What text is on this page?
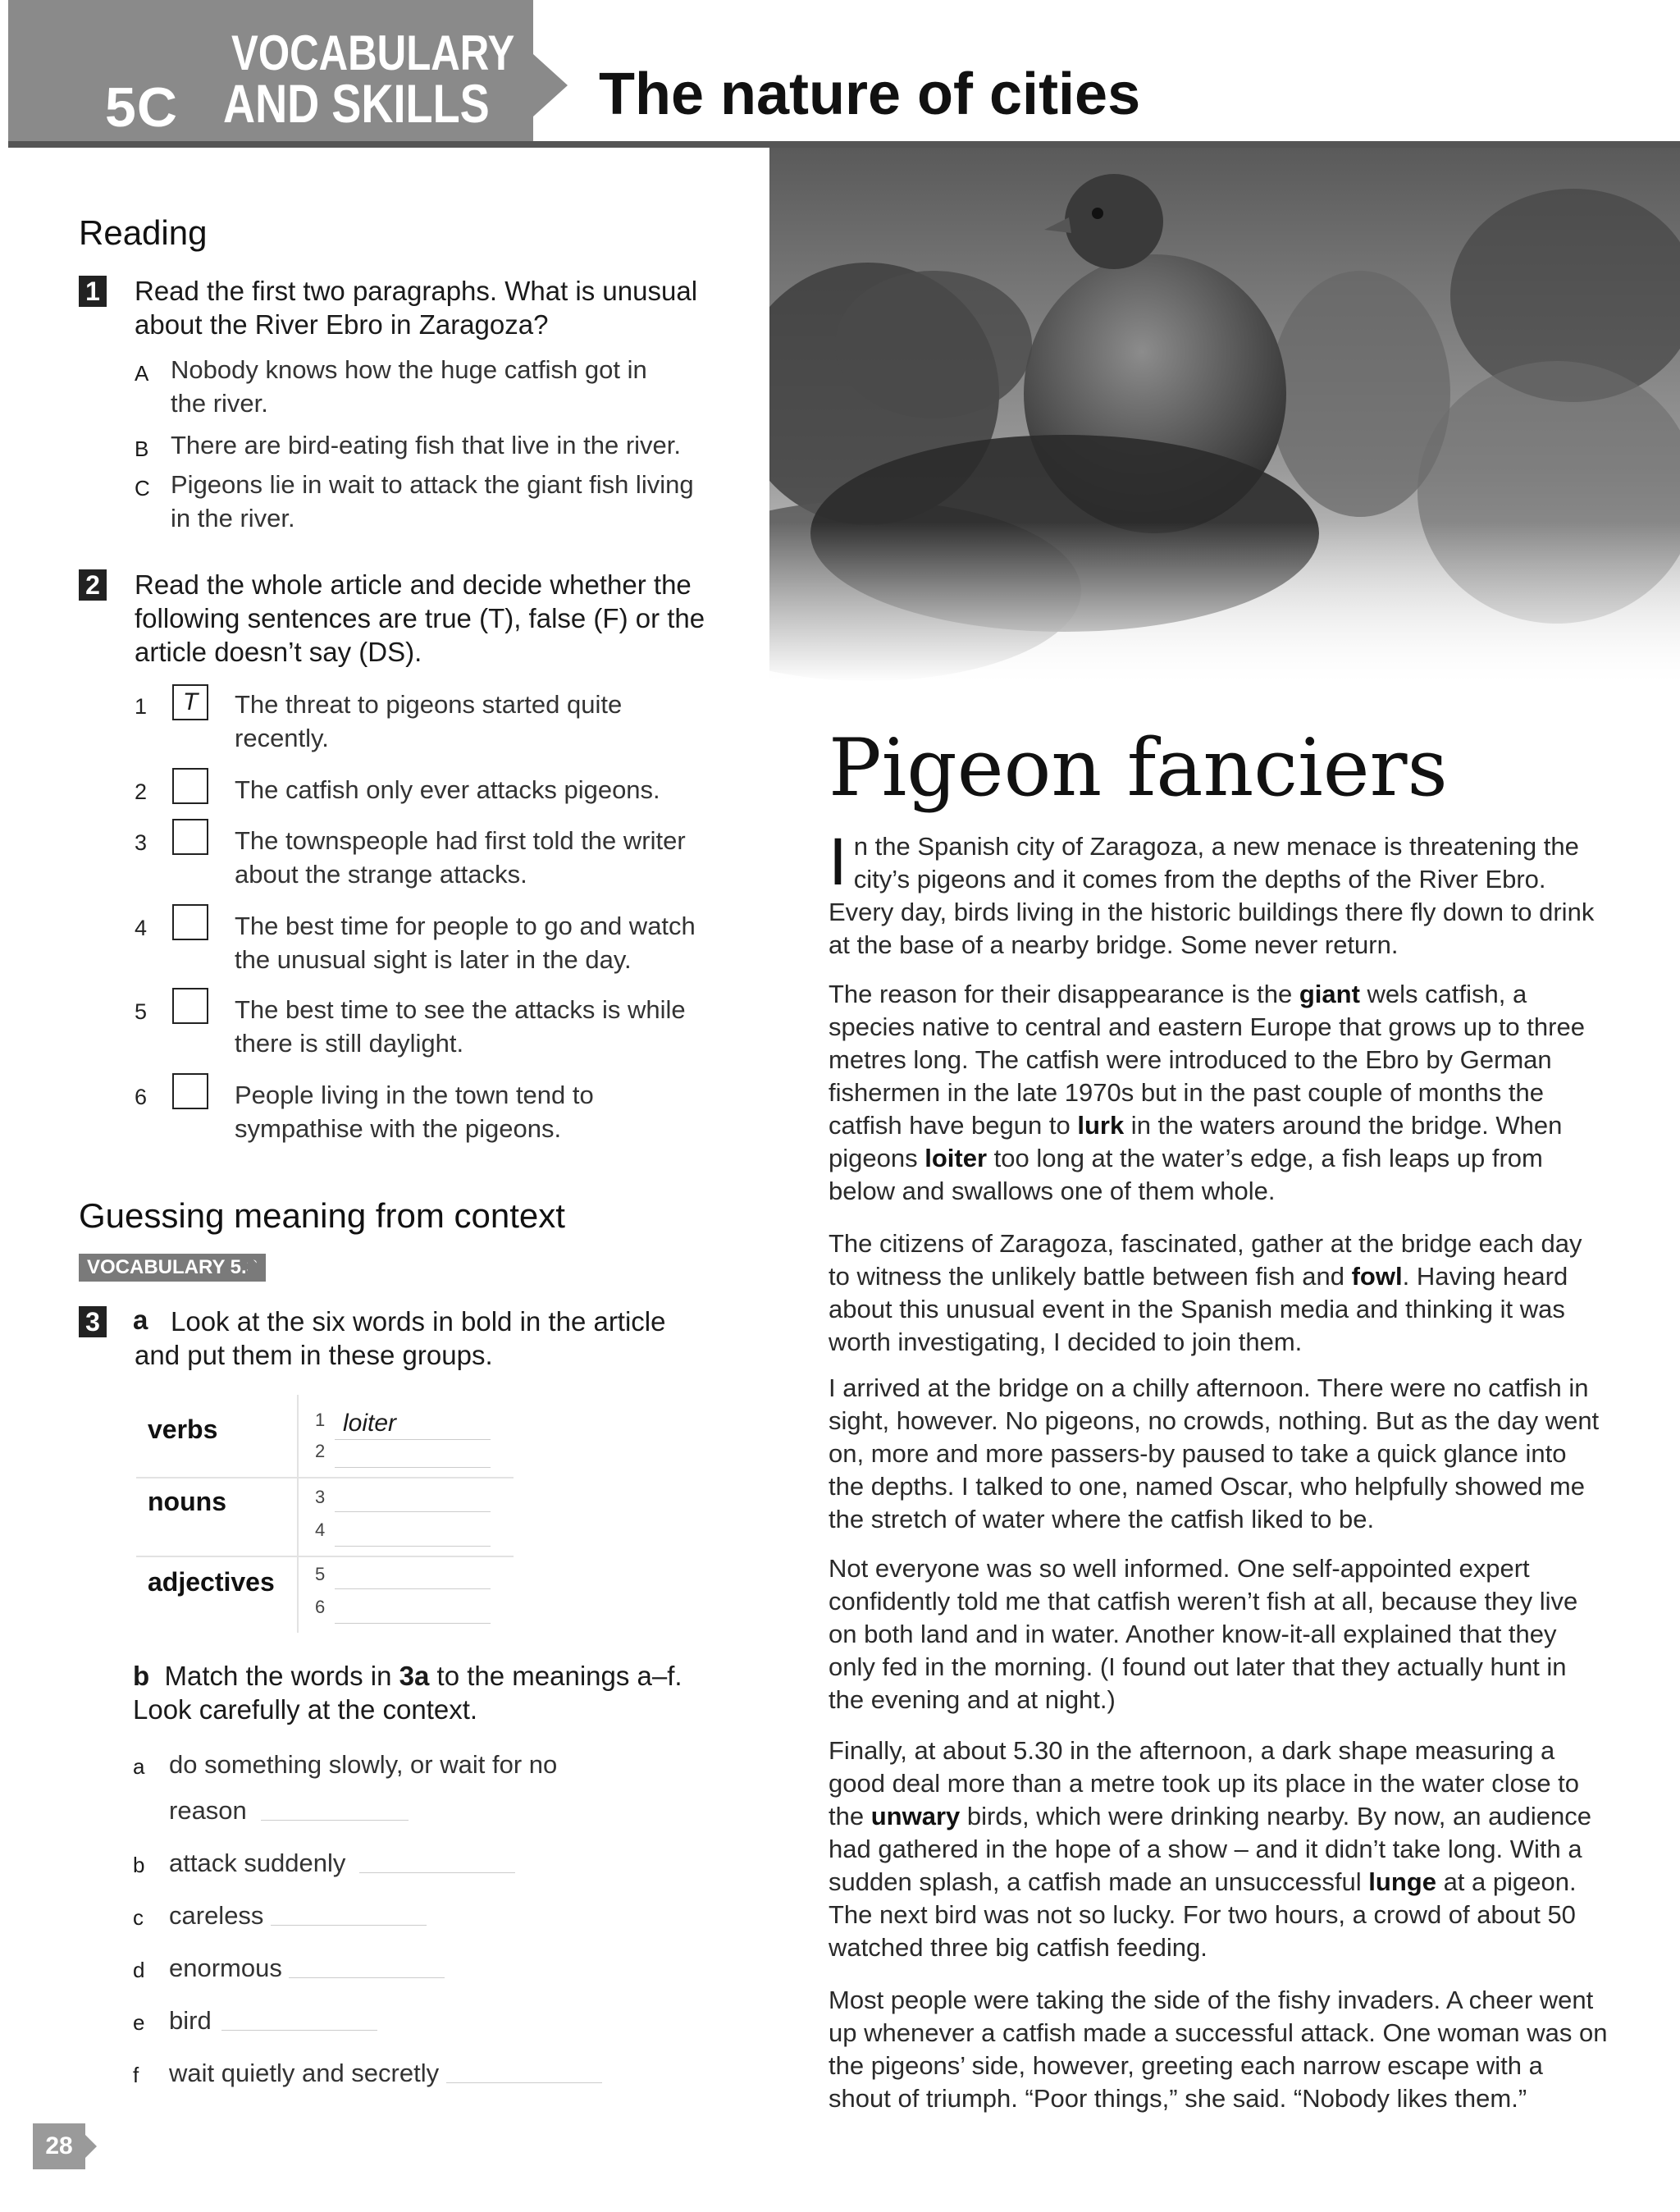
5C
VOCABULARY
AND SKILLS The nature of cities
Reading
1 Read the first two paragraphs. What is unusual about the River Ebro in Zaragoza?
A Nobody knows how the huge catfish got in the river.
B There are bird-eating fish that live in the river.
C Pigeons lie in wait to attack the giant fish living in the river.
2 Read the whole article and decide whether the following sentences are true (T), false (F) or the article doesn’t say (DS).
1	T	The threat to pigeons started quite recently.
2	The catfish only ever attacks pigeons.
3	The townspeople had first told the writer about the strange attacks.
4	The best time for people to go and watch the unusual sight is later in the day.
5	The best time to see the attacks is while there is still daylight.
6	People living in the town tend to sympathise with the pigeons.
Guessing meaning from context
VOCABULARY 5.3
3 a Look at the six words in bold in the article and put them in these groups.
verbs	1 loiter
2
nouns	3
4
adjectives 5
6
b Match the words in 3a to the meanings a–f. Look carefully at the context.
a do something slowly, or wait for no
reason
b attack suddenly
c	careless
d enormous
e bird
f	wait quietly and secretly
Pigeon fanciers
In the Spanish city of Zaragoza, a new menace is threatening the city’s pigeons and it comes from the depths of the River Ebro. Every day, birds living in the historic buildings there fly down to drink at the base of a nearby bridge. Some never return.
The reason for their disappearance is the giant wels catfish, a species native to central and eastern Europe that grows up to three metres long. The catfish were introduced to the Ebro by German fishermen in the late 1970s but in the past couple of months the catfish have begun to lurk in the waters around the bridge. When pigeons loiter too long at the water’s edge, a fish leaps up from below and swallows one of them whole.
The citizens of Zaragoza, fascinated, gather at the bridge each day to witness the unlikely battle between fish and fowl. Having heard about this unusual event in the Spanish media and thinking it was worth investigating, I decided to join them.
I arrived at the bridge on a chilly afternoon. There were no catfish in sight, however. No pigeons, no crowds, nothing. But as the day went on, more and more passers-by paused to take a quick glance into the depths. I talked to one, named Oscar, who helpfully showed me the stretch of water where the catfish liked to be.
Not everyone was so well informed. One self-appointed expert confidently told me that catfish weren’t fish at all, because they live on both land and in water. Another know-it-all explained that they only fed in the morning. (I found out later that they actually hunt in the evening and at night.)
Finally, at about 5.30 in the afternoon, a dark shape measuring a good deal more than a metre took up its place in the water close to the unwary birds, which were drinking nearby. By now, an audience had gathered in the hope of a show – and it didn’t take long. With a sudden splash, a catfish made an unsuccessful lunge at a pigeon. The next bird was not so lucky. For two hours, a crowd of about 50 watched three big catfish feeding.
Most people were taking the side of the fishy invaders. A cheer went up whenever a catfish made a successful attack. One woman was on the pigeons’ side, however, greeting each narrow escape with a shout of triumph. “Poor things,” she said. “Nobody likes them.”
28
